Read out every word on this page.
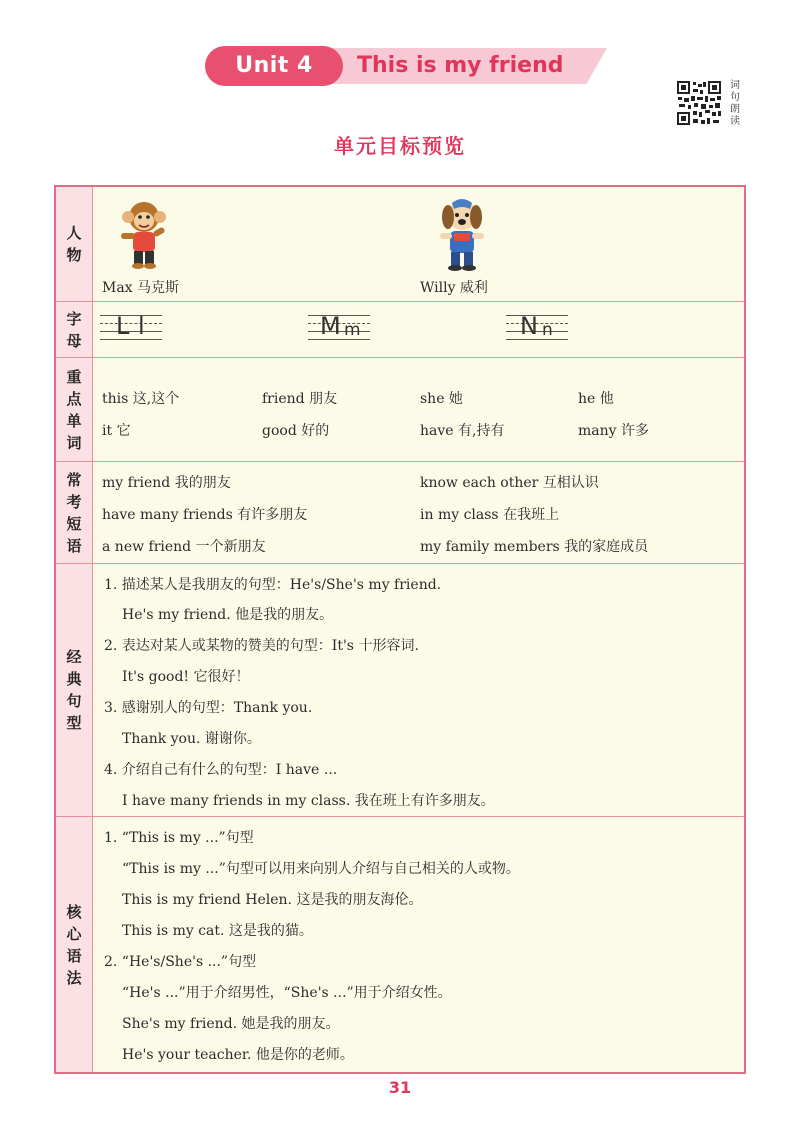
Unit 4	This is my friend
词
句
朗
读
单元目标预览
人
物
Max 马克斯	Willy 威利
字
母
L l	M m	N n
重
点
单
词
this 这,这个	friend 朋友	she 她	he 他
it 它	good 好的	have 有,持有	many 许多
常
考
短
语
my friend 我的朋友	know each other 互相认识
have many friends 有许多朋友	in my class 在我班上
a new friend 一个新朋友	my family members 我的家庭成员
经
典
句
型
1. 描述某人是我朋友的句型：He's/She's my friend.
He's my friend. 他是我的朋友。
2. 表达对某人或某物的赞美的句型：It's 十形容词.
It's good! 它很好！
3. 感谢别人的句型：Thank you.
Thank you. 谢谢你。
4. 介绍自己有什么的句型：I have ...
I have many friends in my class. 我在班上有许多朋友。
核
心
语
法
1. “This is my ...”句型
“This is my ...”句型可以用来向别人介绍与自己相关的人或物。
This is my friend Helen. 这是我的朋友海伦。
This is my cat. 这是我的猫。
2. “He's/She's ...”句型
“He's ...”用于介绍男性，“She's ...”用于介绍女性。
She's my friend. 她是我的朋友。
He's your teacher. 他是你的老师。
31
